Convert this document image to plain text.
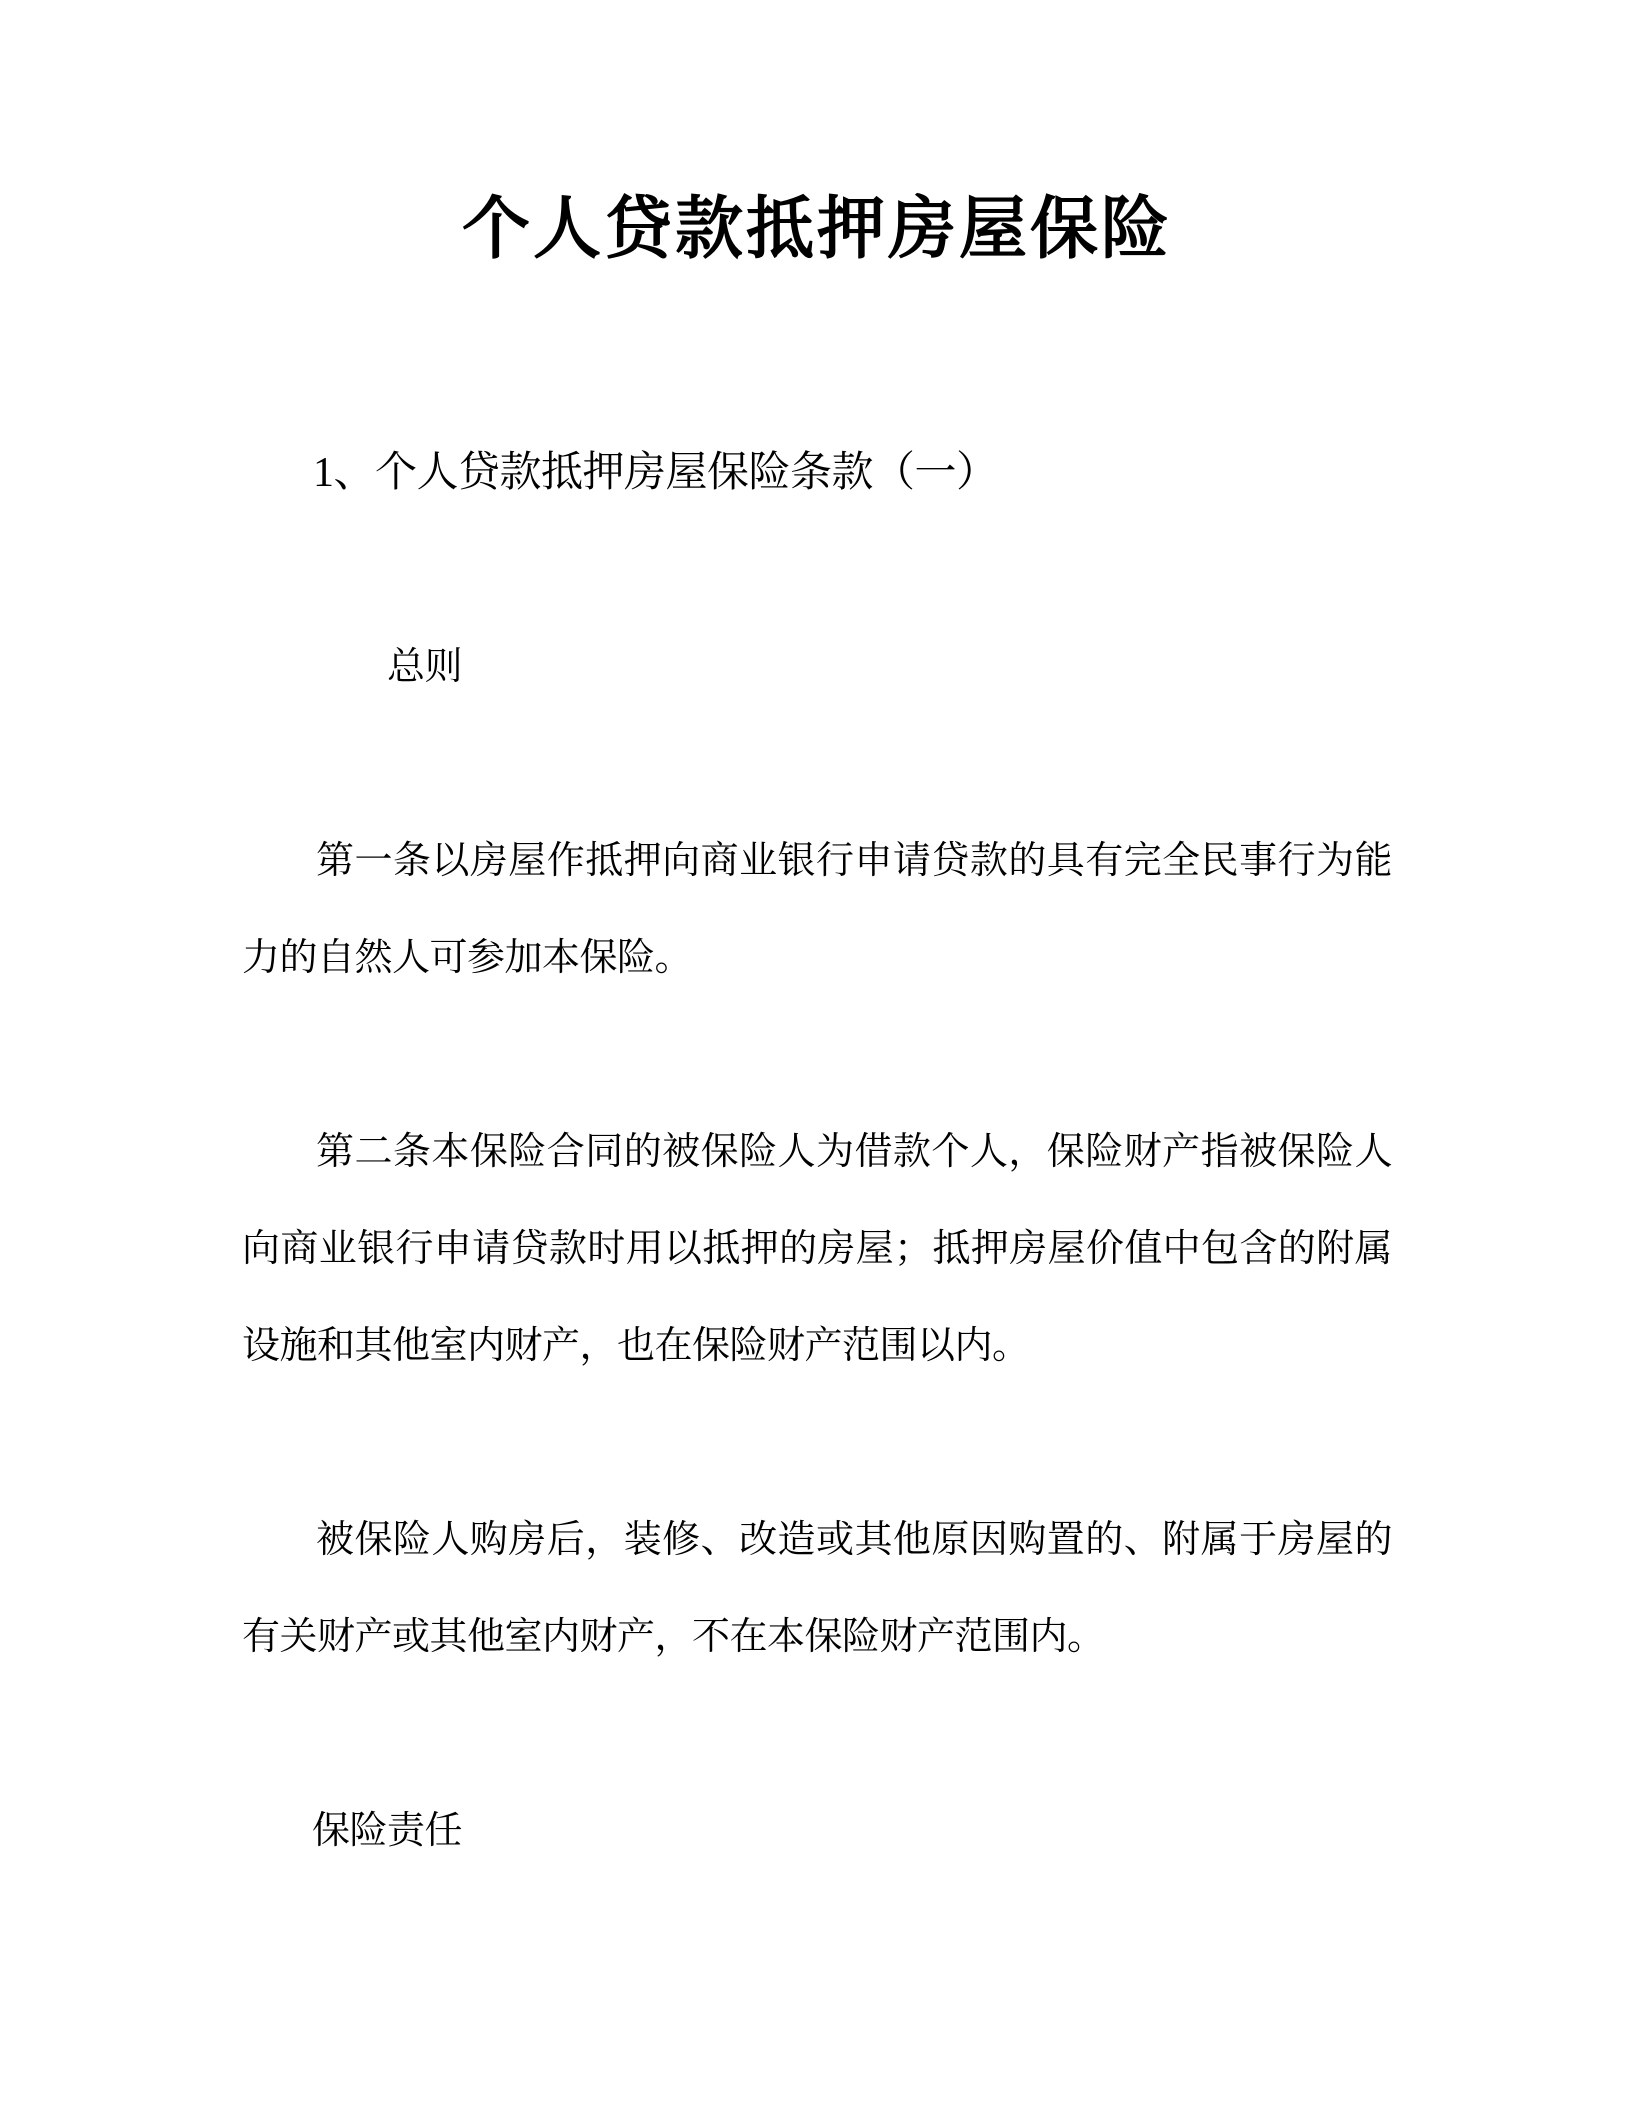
个人贷款抵押房屋保险

1、个人贷款抵押房屋保险条款（一）

总则

第一条以房屋作抵押向商业银行申请贷款的具有完全民事行为能力的自然人可参加本保险。

第二条本保险合同的被保险人为借款个人，保险财产指被保险人向商业银行申请贷款时用以抵押的房屋；抵押房屋价值中包含的附属设施和其他室内财产，也在保险财产范围以内。

被保险人购房后，装修、改造或其他原因购置的、附属于房屋的有关财产或其他室内财产，不在本保险财产范围内。

保险责任
